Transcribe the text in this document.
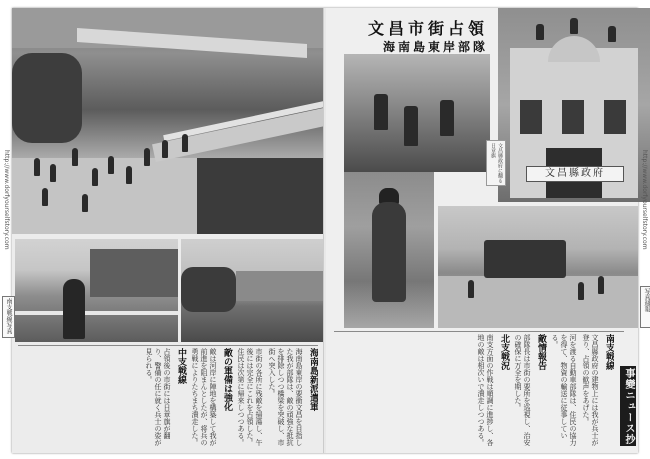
海南島新派遣軍

海南島東岸の要衝文昌を目指した我が部隊は、敵の頑強な抵抗を排除しつつ橋梁を突破し、市街へ突入した。

市街の各所に残敵を掃蕩し、午後には完全にこれを占領した。住民は次第に帰来しつつある。

敵の軍備は強化

敵は河岸に陣地を構築して我が前進を阻まんとしたが、将兵の勇戦によりたちまち潰走した。

中支戦線

占領後の市街には日章旗が翻り、警備の任に就く兵士の姿が見られる。

文昌市街占領
海南島東岸部隊
文昌縣政府
文昌縣政府に翻る日章旗
南支戦線

文昌縣政府の建物上には我が兵士が登り、占領の歓声をあげた。

河を渡る自動車部隊は、住民の協力を得て、物資の輸送に従事している。

敵情報告

部隊長は市街の要所を巡視し、治安の確保に万全を期した。

北支戦況

南支方面の作戦は順調に進捗し、各地の敵は相次いで潰走しつつある。	事變ニュース抄
http://www.dorfyourselfstory.com
南支戦線写真
http://www.dorfyourselfstory.com
写真週報
